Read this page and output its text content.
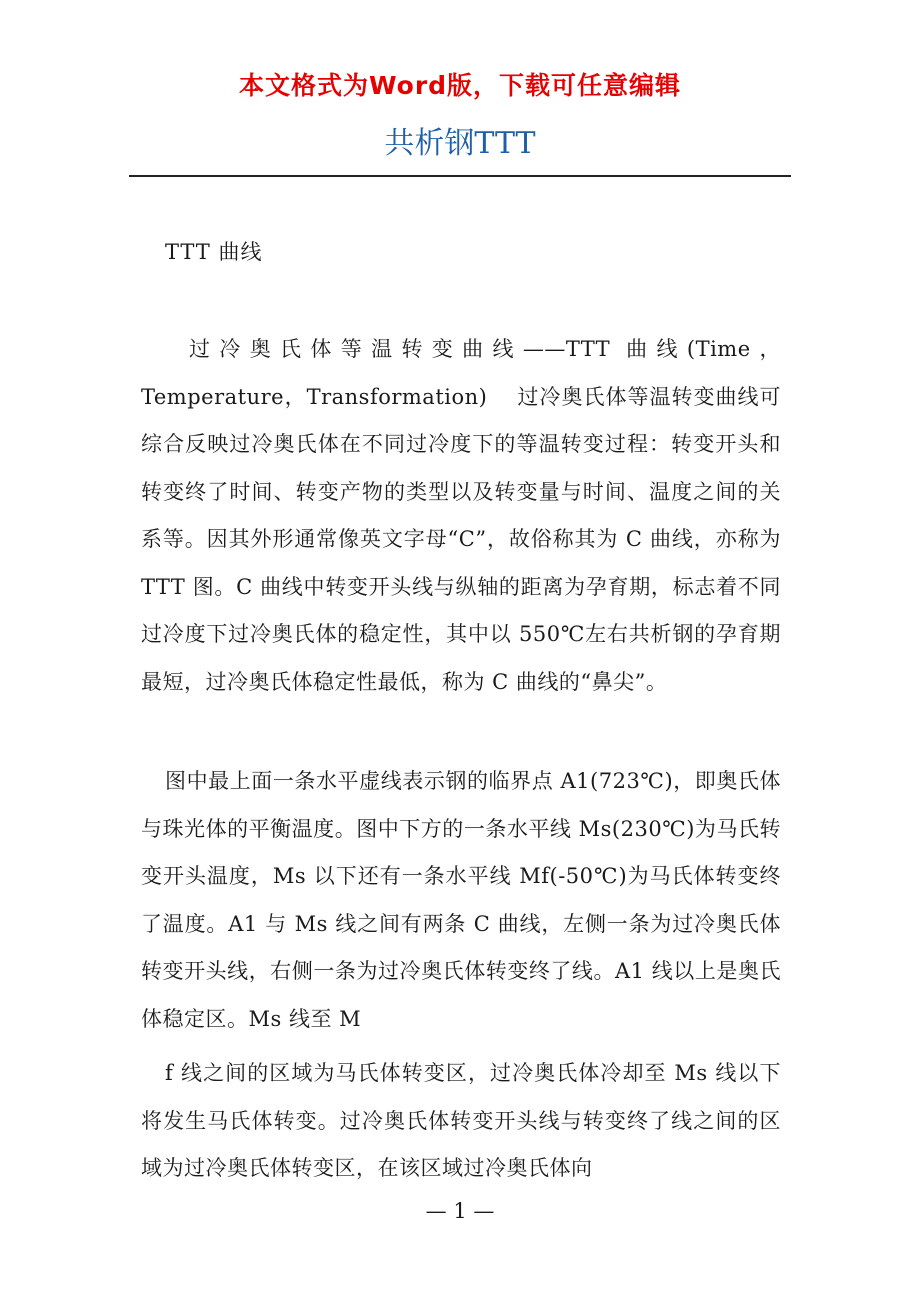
本文格式为Word版，下载可任意编辑
共析钢TTT
TTT 曲线
过冷奥氏体等温转变曲线——TTT 曲线(Time，Temperature，Transformation)　 过冷奥氏体等温转变曲线可综合反映过冷奥氏体在不同过冷度下的等温转变过程：转变开头和转变终了时间、转变产物的类型以及转变量与时间、温度之间的关系等。因其外形通常像英文字母“C”，故俗称其为 C 曲线，亦称为 TTT 图。C 曲线中转变开头线与纵轴的距离为孕育期，标志着不同过冷度下过冷奥氏体的稳定性，其中以 550℃左右共析钢的孕育期最短，过冷奥氏体稳定性最低，称为 C 曲线的“鼻尖”。
图中最上面一条水平虚线表示钢的临界点 A1(723℃)，即奥氏体与珠光体的平衡温度。图中下方的一条水平线 Ms(230℃)为马氏转变开头温度，Ms 以下还有一条水平线 Mf(-50℃)为马氏体转变终了温度。A1 与 Ms 线之间有两条 C 曲线，左侧一条为过冷奥氏体转变开头线，右侧一条为过冷奥氏体转变终了线。A1 线以上是奥氏体稳定区。Ms 线至 M
f 线之间的区域为马氏体转变区，过冷奥氏体冷却至 Ms 线以下将发生马氏体转变。过冷奥氏体转变开头线与转变终了线之间的区域为过冷奥氏体转变区，在该区域过冷奥氏体向
— 1 —
